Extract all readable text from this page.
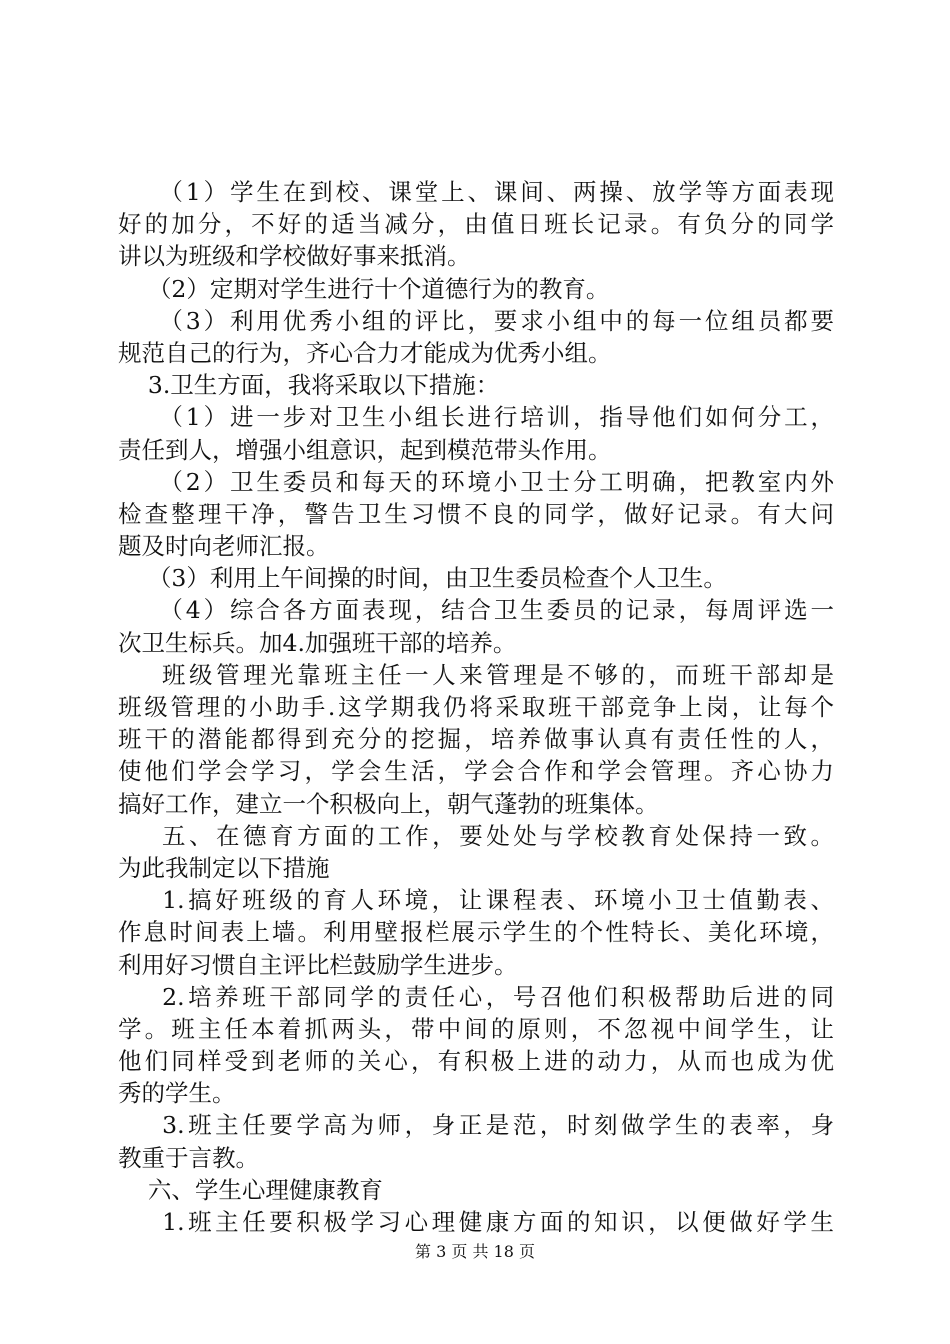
（1）学生在到校、课堂上、课间、两操、放学等方面表现
好的加分，不好的适当减分，由值日班长记录。有负分的同学
讲以为班级和学校做好事来抵消。
（2）定期对学生进行十个道德行为的教育。
（3）利用优秀小组的评比，要求小组中的每一位组员都要
规范自己的行为，齐心合力才能成为优秀小组。
3.卫生方面，我将采取以下措施：
（1）进一步对卫生小组长进行培训，指导他们如何分工，
责任到人，增强小组意识，起到模范带头作用。
（2）卫生委员和每天的环境小卫士分工明确，把教室内外
检查整理干净，警告卫生习惯不良的同学，做好记录。有大问
题及时向老师汇报。
（3）利用上午间操的时间，由卫生委员检查个人卫生。
（4）综合各方面表现，结合卫生委员的记录，每周评选一
次卫生标兵。加4.加强班干部的培养。
班级管理光靠班主任一人来管理是不够的，而班干部却是
班级管理的小助手.这学期我仍将采取班干部竞争上岗，让每个
班干的潜能都得到充分的挖掘，培养做事认真有责任性的人，
使他们学会学习，学会生活，学会合作和学会管理。齐心协力
搞好工作，建立一个积极向上，朝气蓬勃的班集体。
五、在德育方面的工作，要处处与学校教育处保持一致。
为此我制定以下措施
1.搞好班级的育人环境，让课程表、环境小卫士值勤表、
作息时间表上墙。利用壁报栏展示学生的个性特长、美化环境，
利用好习惯自主评比栏鼓励学生进步。
2.培养班干部同学的责任心，号召他们积极帮助后进的同
学。班主任本着抓两头，带中间的原则，不忽视中间学生，让
他们同样受到老师的关心，有积极上进的动力，从而也成为优
秀的学生。
3.班主任要学高为师，身正是范，时刻做学生的表率，身
教重于言教。
六、学生心理健康教育
1.班主任要积极学习心理健康方面的知识，以便做好学生
第 3 页 共 18 页
